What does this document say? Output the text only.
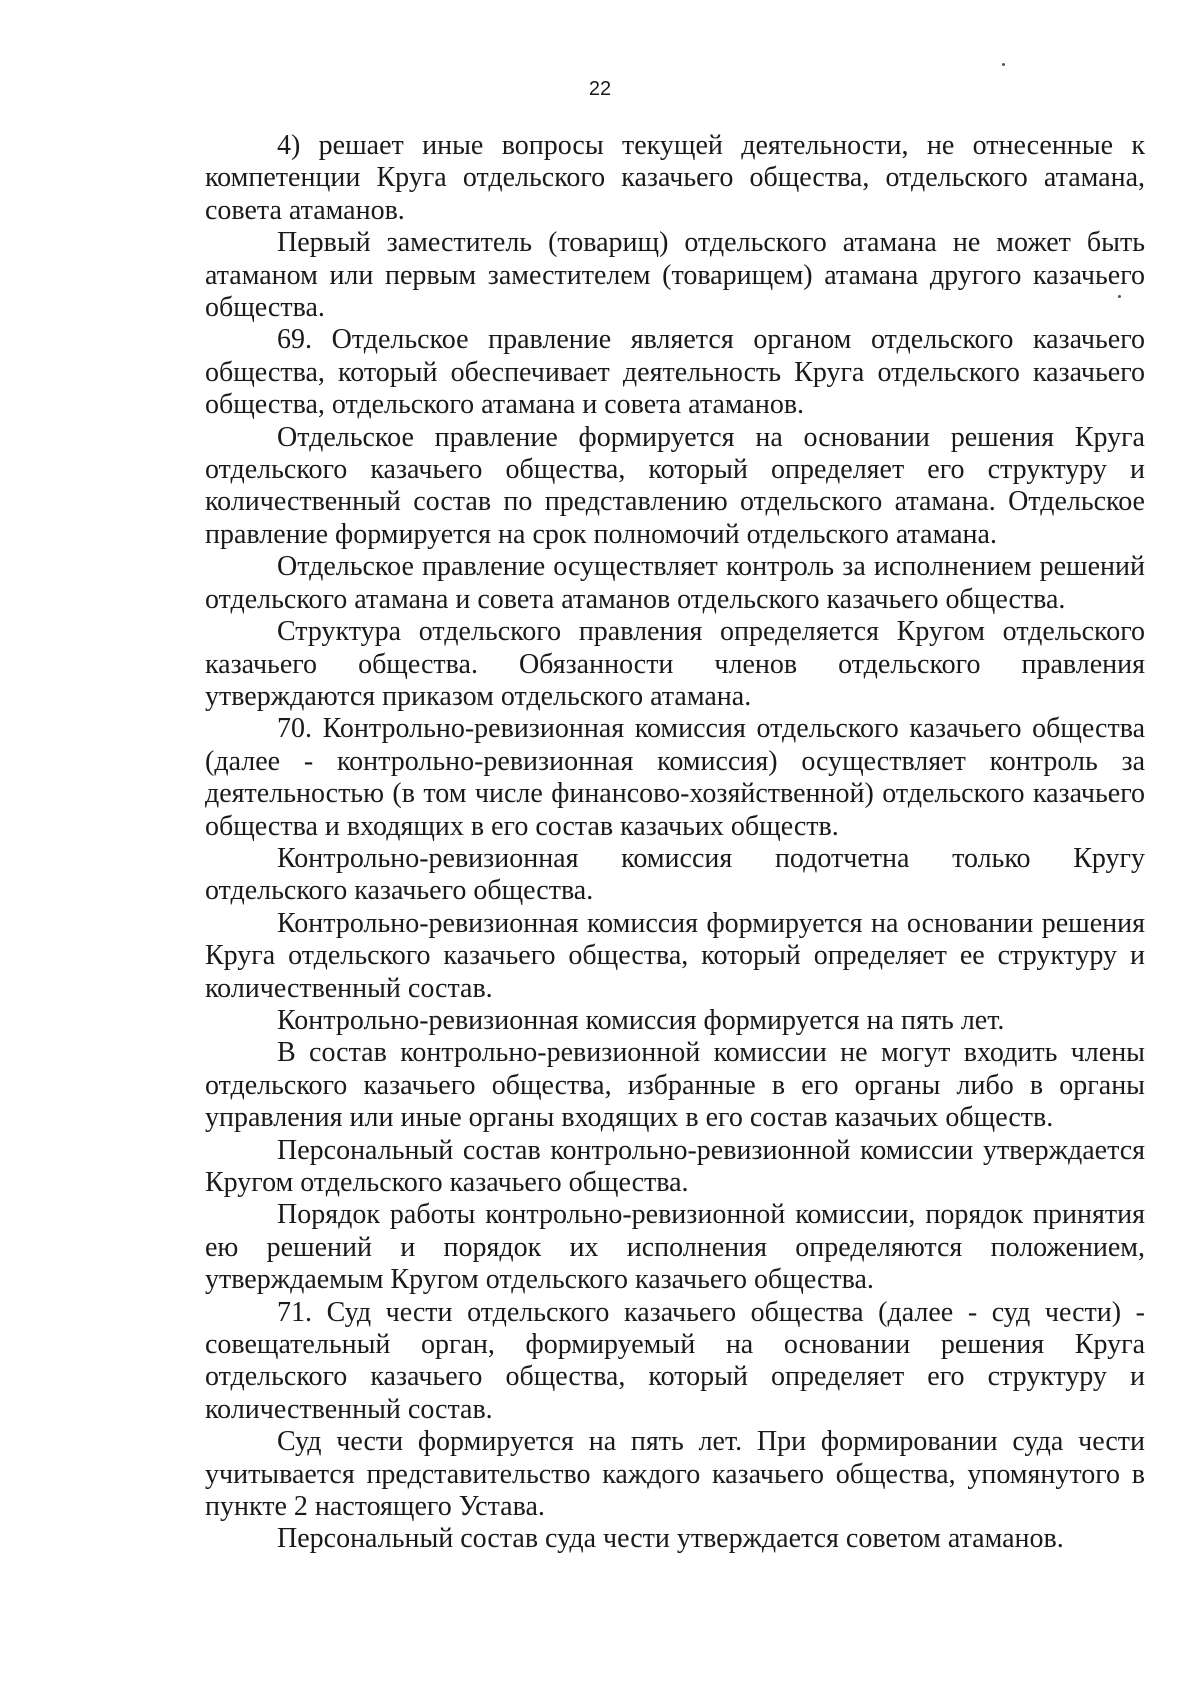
22

4) решает иные вопросы текущей деятельности, не отнесенные к компетенции Круга отдельского казачьего общества, отдельского атамана, совета атаманов.

Первый заместитель (товарищ) отдельского атамана не может быть атаманом или первым заместителем (товарищем) атамана другого казачьего общества.

69. Отдельское правление является органом отдельского казачьего общества, который обеспечивает деятельность Круга отдельского казачьего общества, отдельского атамана и совета атаманов.

Отдельское правление формируется на основании решения Круга отдельского казачьего общества, который определяет его структуру и количественный состав по представлению отдельского атамана. Отдельское правление формируется на срок полномочий отдельского атамана.

Отдельское правление осуществляет контроль за исполнением решений отдельского атамана и совета атаманов отдельского казачьего общества.

Структура отдельского правления определяется Кругом отдельского казачьего общества. Обязанности членов отдельского правления утверждаются приказом отдельского атамана.

70. Контрольно-ревизионная комиссия отдельского казачьего общества (далее - контрольно-ревизионная комиссия) осуществляет контроль за деятельностью (в том числе финансово-хозяйственной) отдельского казачьего общества и входящих в его состав казачьих обществ.

Контрольно-ревизионная комиссия подотчетна только Кругу отдельского казачьего общества.

Контрольно-ревизионная комиссия формируется на основании решения Круга отдельского казачьего общества, который определяет ее структуру и количественный состав.

Контрольно-ревизионная комиссия формируется на пять лет.

В состав контрольно-ревизионной комиссии не могут входить члены отдельского казачьего общества, избранные в его органы либо в органы управления или иные органы входящих в его состав казачьих обществ.

Персональный состав контрольно-ревизионной комиссии утверждается Кругом отдельского казачьего общества.

Порядок работы контрольно-ревизионной комиссии, порядок принятия ею решений и порядок их исполнения определяются положением, утверждаемым Кругом отдельского казачьего общества.

71. Суд чести отдельского казачьего общества (далее - суд чести) - совещательный орган, формируемый на основании решения Круга отдельского казачьего общества, который определяет его структуру и количественный состав.

Суд чести формируется на пять лет. При формировании суда чести учитывается представительство каждого казачьего общества, упомянутого в пункте 2 настоящего Устава.

Персональный состав суда чести утверждается советом атаманов.
